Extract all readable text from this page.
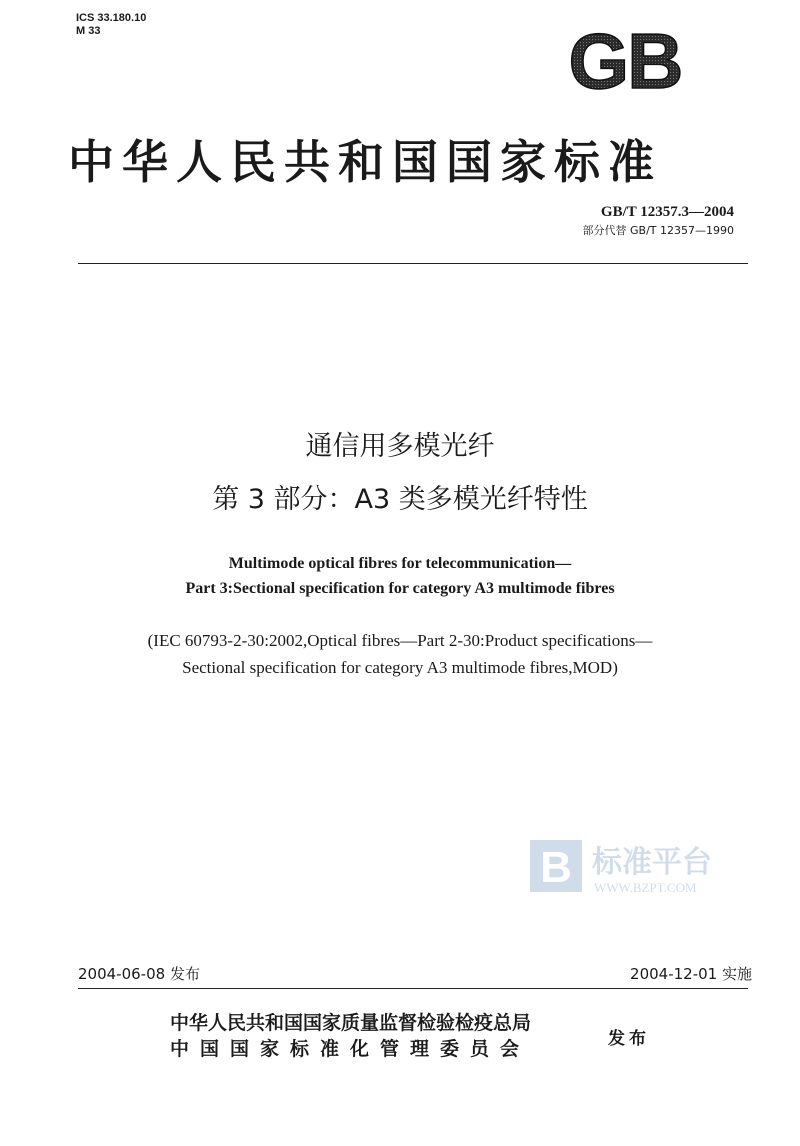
ICS 33.180.10
M 33	GB
中华人民共和国国家标准
GB/T 12357.3—2004
部分代替 GB/T 12357—1990
通信用多模光纤
第 3 部分：A3 类多模光纤特性
Multimode optical fibres for telecommunication—
Part 3:Sectional specification for category A3 multimode fibres
(IEC 60793-2-30:2002,Optical fibres—Part 2-30:Product specifications—
Sectional specification for category A3 multimode fibres,MOD)
B 标准平台
WWW.BZPT.COM
2004-06-08 发布	2004-12-01 实施
中华人民共和国国家质量监督检验检疫总局
中国国家标准化管理委员会	发布
